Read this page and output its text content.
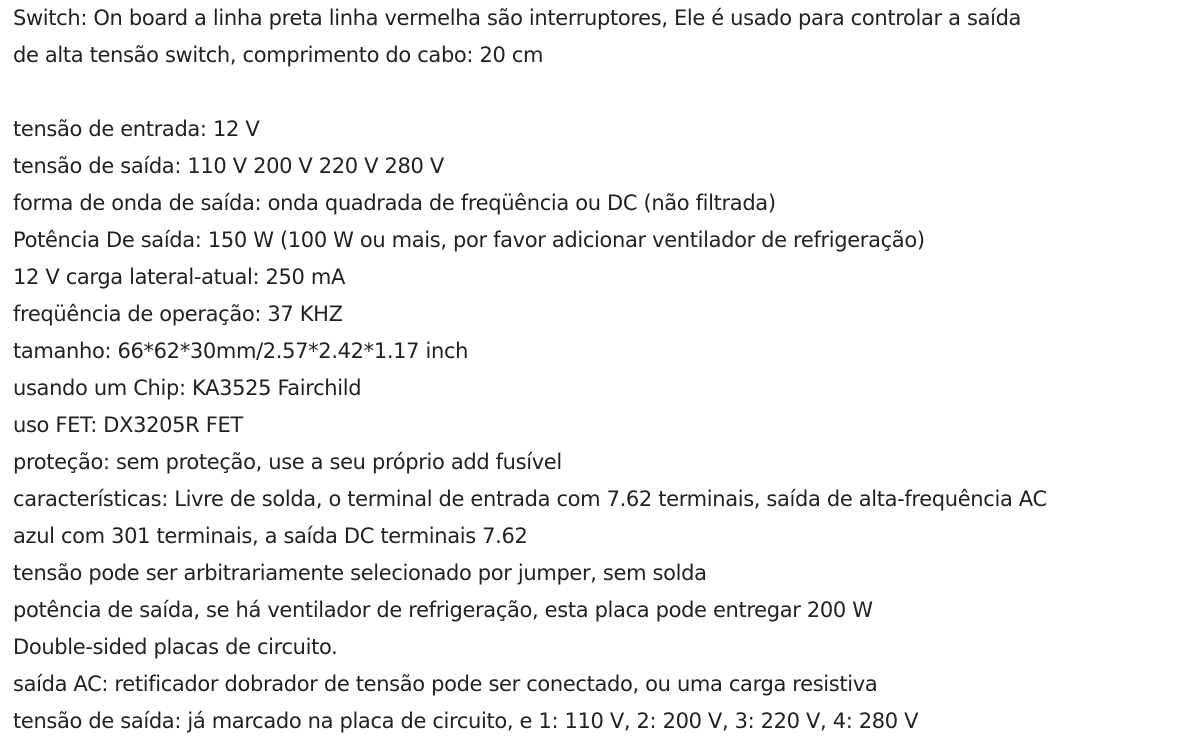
Switch: On board a linha preta linha vermelha são interruptores, Ele é usado para controlar a saída
de alta tensão switch, comprimento do cabo: 20 cm
tensão de entrada: 12 V
tensão de saída: 110 V 200 V 220 V 280 V
forma de onda de saída: onda quadrada de freqüência ou DC (não filtrada)
Potência De saída: 150 W (100 W ou mais, por favor adicionar ventilador de refrigeração)
12 V carga lateral-atual: 250 mA
freqüência de operação: 37 KHZ
tamanho: 66*62*30mm/2.57*2.42*1.17 inch
usando um Chip: KA3525 Fairchild
uso FET: DX3205R FET
proteção: sem proteção, use a seu próprio add fusível
características: Livre de solda, o terminal de entrada com 7.62 terminais, saída de alta-frequência AC
azul com 301 terminais, a saída DC terminais 7.62
tensão pode ser arbitrariamente selecionado por jumper, sem solda
potência de saída, se há ventilador de refrigeração, esta placa pode entregar 200 W
Double-sided placas de circuito.
saída AC: retificador dobrador de tensão pode ser conectado, ou uma carga resistiva
tensão de saída: já marcado na placa de circuito, e 1: 110 V, 2: 200 V, 3: 220 V, 4: 280 V
